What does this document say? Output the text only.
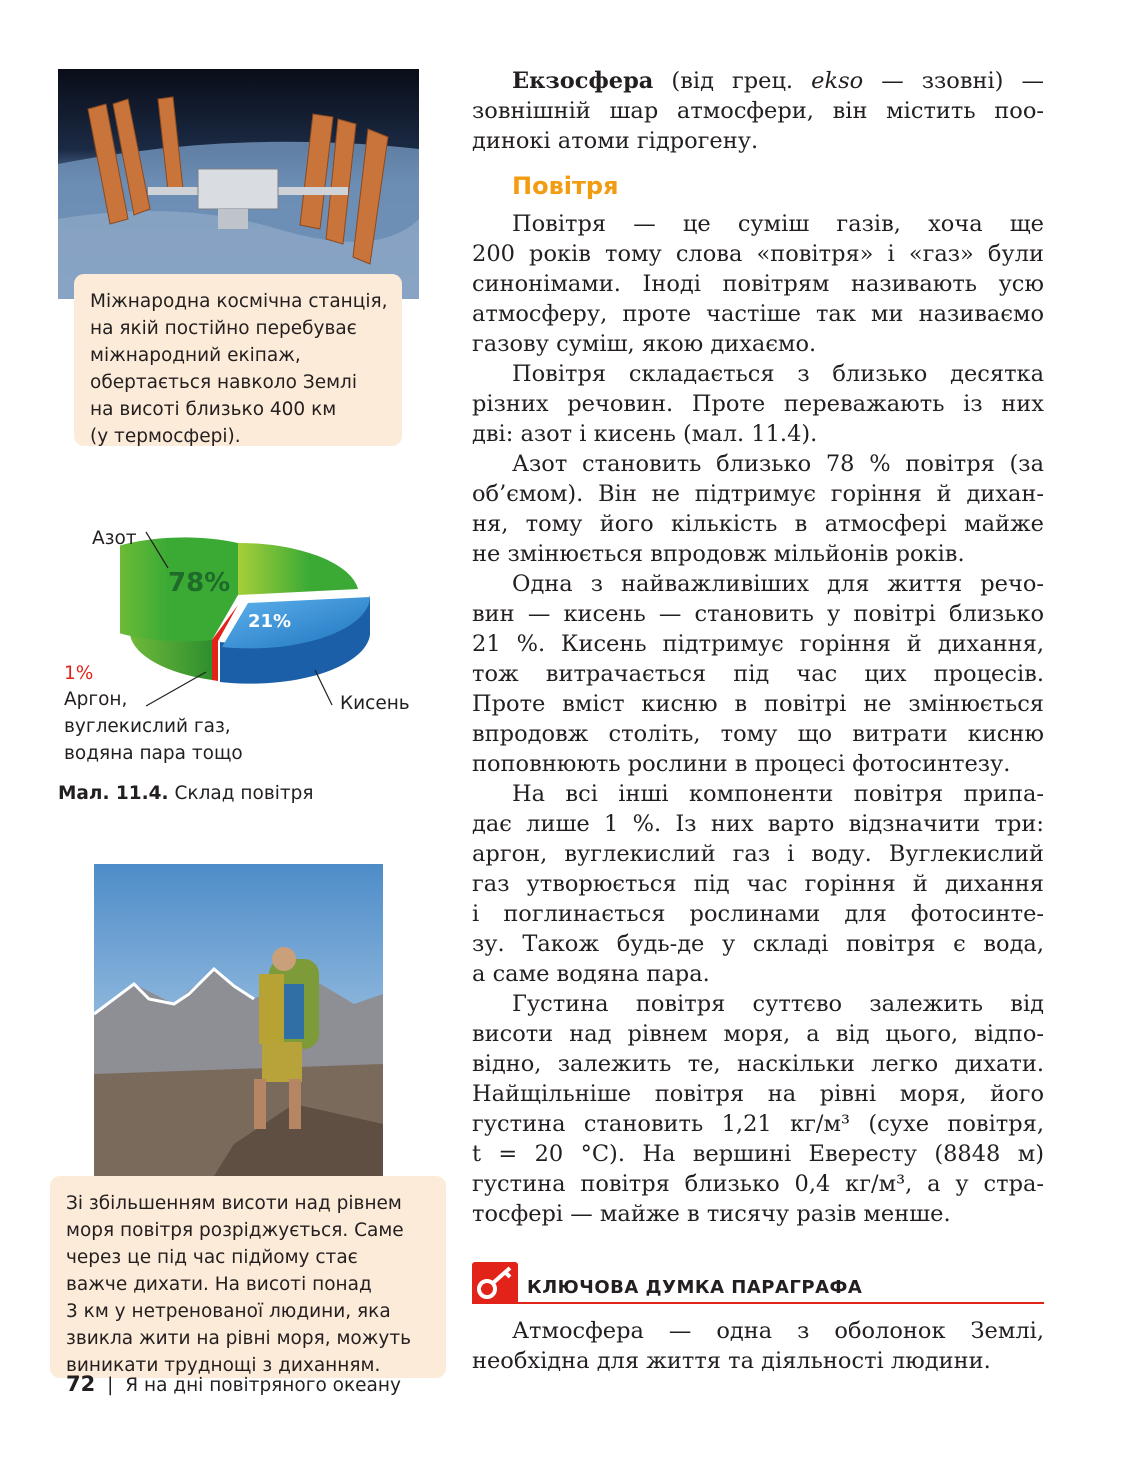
Міжнародна космічна станція,
на якій постійно перебуває
міжнародний екіпаж,
обертається навколо Землі
на висоті близько 400 км
(у термосфері).
78%
21%
Азот
1%
Аргон,
вуглекислий газ,
водяна пара тощо
Кисень
Мал. 11.4. Склад повітря
Зі збільшенням висоти над рівнем
моря повітря розріджується. Саме
через це під час підйому стає
важче дихати. На висоті понад
3 км у нетренованої людини, яка
звикла жити на рівні моря, можуть
виникати труднощі з диханням.

Екзосфера (від грец. ekso — ззовні) —

зовнішній шар атмосфери, він містить поо-

динокі атоми гідрогену.

Повітря

Повітря — це суміш газів, хоча ще

200 років тому слова «повітря» і «газ» були

синонімами. Іноді повітрям називають усю

атмосферу, проте частіше так ми називаємо

газову суміш, якою дихаємо.

Повітря складається з близько десятка

різних речовин. Проте переважають із них

дві: азот і кисень (мал. 11.4).

Азот становить близько 78 % повітря (за

об’ємом). Він не підтримує горіння й дихан-

ня, тому його кількість в атмосфері майже

не змінюється впродовж мільйонів років.

Одна з найважливіших для життя рeчо-

вин — кисень — становить у повітрі близько

21 %. Кисень підтримує горіння й дихання,

тож витрачається під час цих процесів.

Проте вміст кисню в повітрі не змінюється

впродовж століть, тому що витрати кисню

поповнюють рослини в процесі фотосинтезу.

На всі інші компоненти повітря припа-

дає лише 1 %. Із них варто відзначити три:

аргон, вуглекислий газ і воду. Вуглекислий

газ утворюється під час горіння й дихання

і поглинається рослинами для фотосинте-

зу. Також будь-де у складі повітря є вода,

а саме водяна пара.

Густина повітря суттєво залежить від

висоти над рівнем моря, а від цього, відпо-

відно, залежить те, наскільки легко дихати.

Найщільніше повітря на рівні моря, його

густина становить 1,21 кг/м³ (сухе повітря,

t = 20 °C). На вершині Евересту (8848 м)

густина повітря близько 0,4 кг/м³, а у стра-

тосфері — майже в тисячу разів менше.

КЛЮЧОВА ДУМКА ПАРАГРАФА

Атмосфера — одна з оболонок Землі,

необхідна для життя та діяльності людини.

72 | Я на дні повітряного океану
